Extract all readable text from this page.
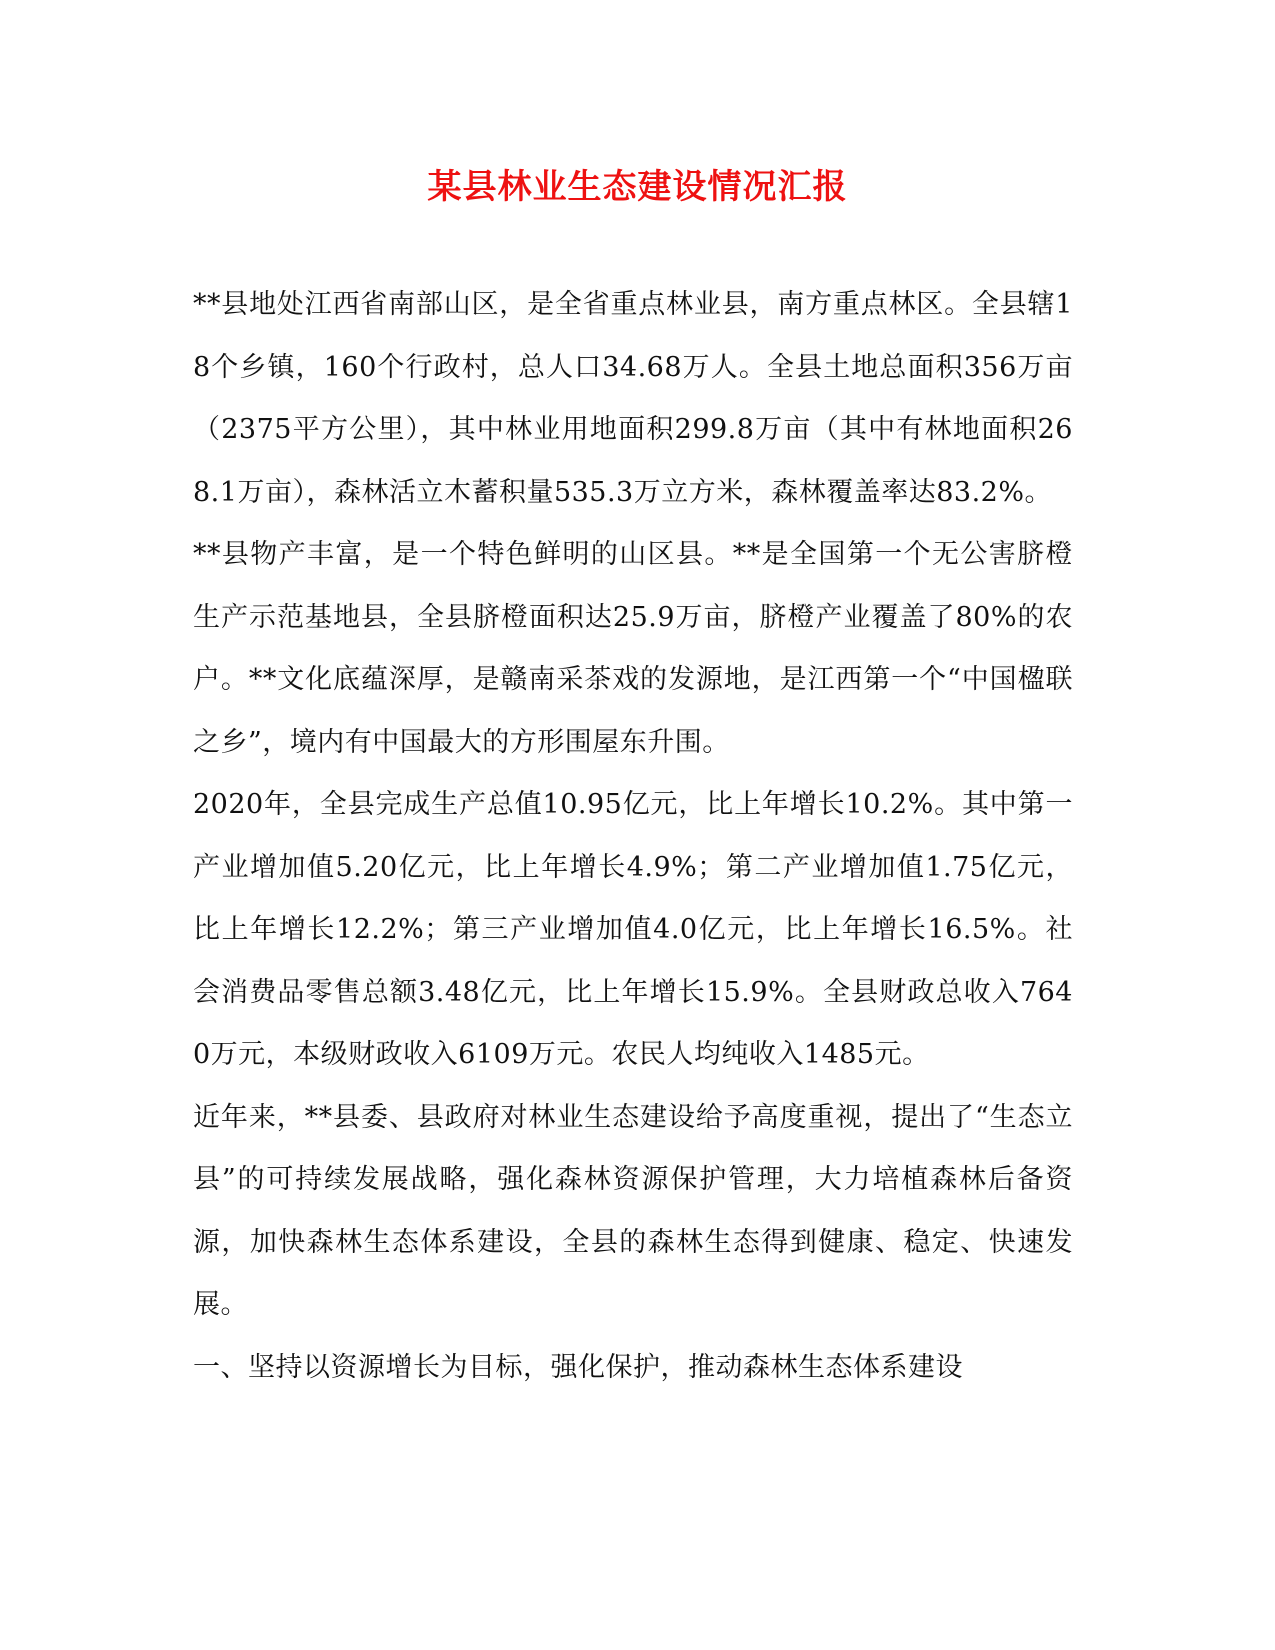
某县林业生态建设情况汇报

**县地处江西省南部山区，是全省重点林业县，南方重点林区。全县辖18个乡镇，160个行政村，总人口34.68万人。全县土地总面积356万亩（2375平方公里），其中林业用地面积299.8万亩（其中有林地面积268.1万亩），森林活立木蓄积量535.3万立方米，森林覆盖率达83.2%。

**县物产丰富，是一个特色鲜明的山区县。**是全国第一个无公害脐橙生产示范基地县，全县脐橙面积达25.9万亩，脐橙产业覆盖了80%的农户。**文化底蕴深厚，是赣南采茶戏的发源地，是江西第一个“中国楹联之乡”，境内有中国最大的方形围屋东升围。

2020年，全县完成生产总值10.95亿元，比上年增长10.2%。其中第一产业增加值5.20亿元，比上年增长4.9%；第二产业增加值1.75亿元，比上年增长12.2%；第三产业增加值4.0亿元，比上年增长16.5%。社会消费品零售总额3.48亿元，比上年增长15.9%。全县财政总收入7640万元，本级财政收入6109万元。农民人均纯收入1485元。

近年来，**县委、县政府对林业生态建设给予高度重视，提出了“生态立县”的可持续发展战略，强化森林资源保护管理，大力培植森林后备资源，加快森林生态体系建设，全县的森林生态得到健康、稳定、快速发展。

一、坚持以资源增长为目标，强化保护，推动森林生态体系建设
